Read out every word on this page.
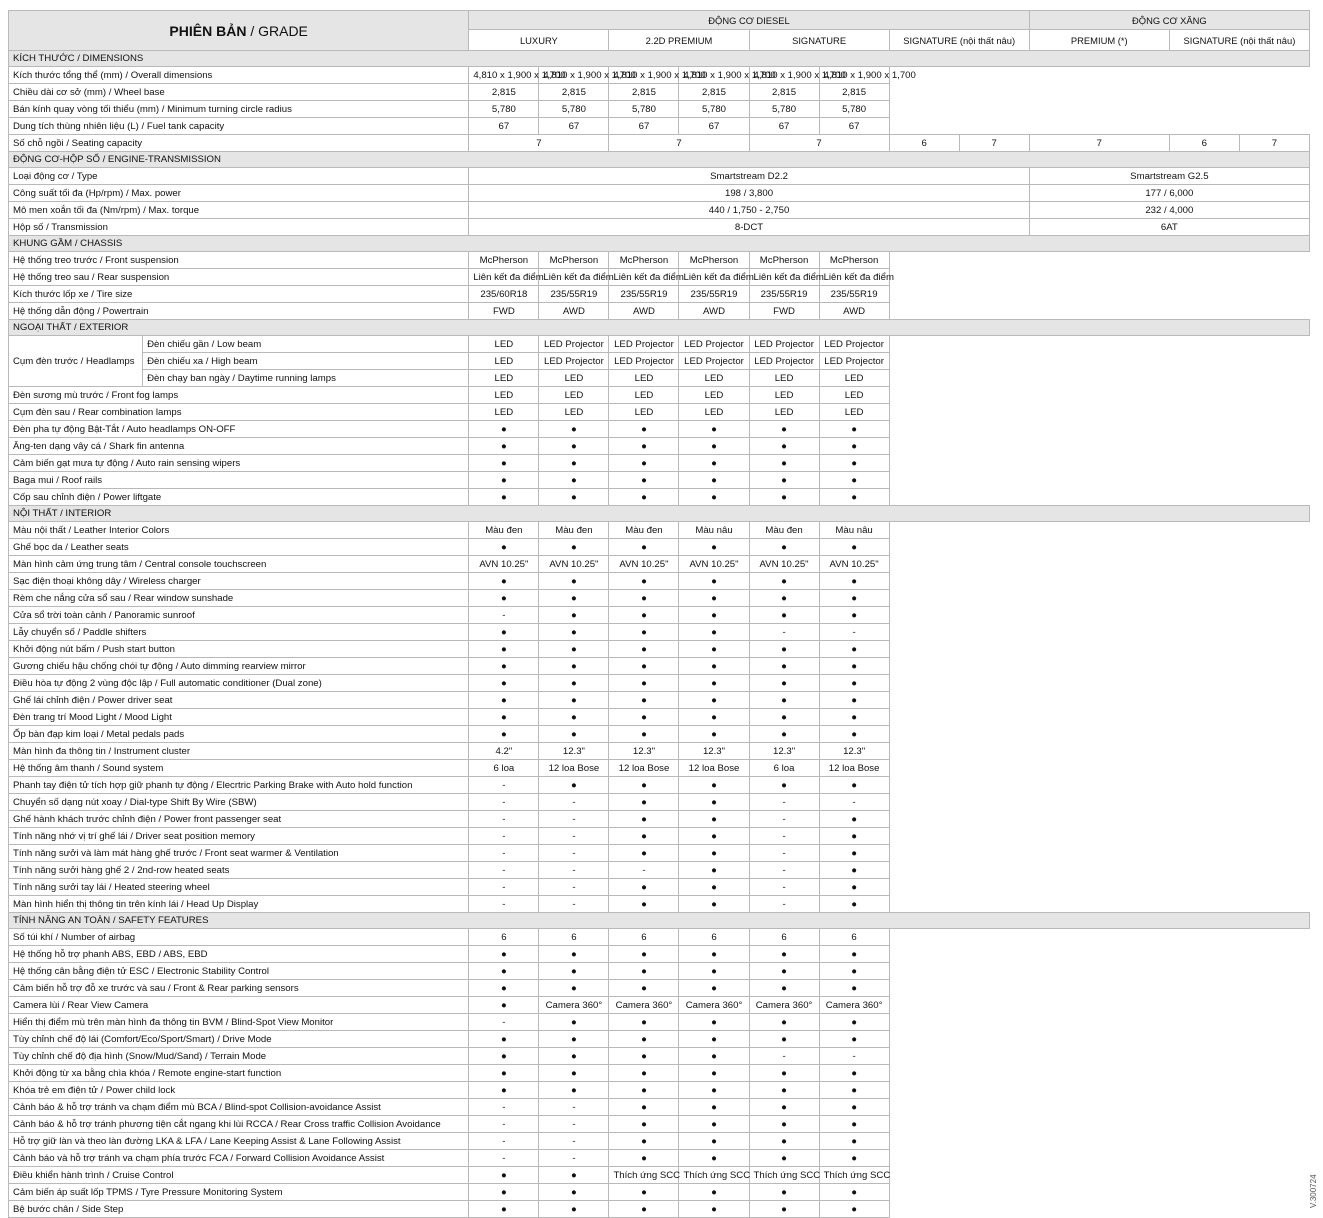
PHIÊN BẢN / GRADE		ĐỘNG CƠ DIESEL								ĐỘNG CƠ XĂNG		
		LUXURY		2.2D PREMIUM		SIGNATURE		SIGNATURE (nội thất nâu)		PREMIUM (*)	SIGNATURE (nội thất nâu)	
KÍCH THƯỚC / DIMENSIONS												
Kích thước tổng thể (mm) / Overall dimensions		4,810 x 1,900 x 1,700	4,810 x 1,900 x 1,700	4,810 x 1,900 x 1,700	4,810 x 1,900 x 1,700	4,810 x 1,900 x 1,700	4,810 x 1,900 x 1,700					
Chiều dài cơ sở (mm) / Wheel base		2,815	2,815	2,815	2,815	2,815	2,815					
Bán kính quay vòng tối thiểu (mm) / Minimum turning circle radius		5,780	5,780	5,780	5,780	5,780	5,780					
Dung tích thùng nhiên liệu (L) / Fuel tank capacity		67	67	67	67	67	67					
Số chỗ ngồi / Seating capacity		7		7		7		6	7	7	6	7
ĐỘNG CƠ-HỘP SỐ / ENGINE-TRANSMISSION												
Loại động cơ / Type		Smartstream D2.2								Smartstream G2.5		
Công suất tối đa (Hp/rpm) / Max. power		198 / 3,800								177 / 6,000		
Mô men xoắn tối đa (Nm/rpm) / Max. torque		440 / 1,750 - 2,750								232 / 4,000		
Hộp số / Transmission		8-DCT								6AT		
KHUNG GẦM / CHASSIS												
Hệ thống treo trước / Front suspension		McPherson	McPherson	McPherson	McPherson	McPherson	McPherson					
Hệ thống treo sau / Rear suspension		Liên kết đa điểm	Liên kết đa điểm	Liên kết đa điểm	Liên kết đa điểm	Liên kết đa điểm	Liên kết đa điểm					
Kích thước lốp xe / Tire size		235/60R18	235/55R19	235/55R19	235/55R19	235/55R19	235/55R19					
Hệ thống dẫn động / Powertrain		FWD	AWD	AWD	AWD	FWD	AWD					
NGOẠI THẤT / EXTERIOR												
Cụm đèn trước / Headlamps	Đèn chiếu gần / Low beam	LED	LED Projector	LED Projector	LED Projector	LED Projector	LED Projector					
	Đèn chiếu xa / High beam	LED	LED Projector	LED Projector	LED Projector	LED Projector	LED Projector					
	Đèn chạy ban ngày / Daytime running lamps	LED	LED	LED	LED	LED	LED					
Đèn sương mù trước / Front fog lamps		LED	LED	LED	LED	LED	LED					
Cụm đèn sau / Rear combination lamps		LED	LED	LED	LED	LED	LED					
Đèn pha tự động Bật-Tắt / Auto headlamps ON-OFF		●	●	●	●	●	●					
Ăng-ten dạng vây cá / Shark fin antenna		●	●	●	●	●	●					
Cảm biến gạt mưa tự động / Auto rain sensing wipers		●	●	●	●	●	●					
Baga mui / Roof rails		●	●	●	●	●	●					
Cốp sau chỉnh điện / Power liftgate		●	●	●	●	●	●					
NỘI THẤT / INTERIOR												
Màu nội thất / Leather Interior Colors		Màu đen	Màu đen	Màu đen	Màu nâu	Màu đen	Màu nâu					
Ghế bọc da / Leather seats		●	●	●	●	●	●					
Màn hình cảm ứng trung tâm / Central console touchscreen		AVN 10.25"	AVN 10.25"	AVN 10.25"	AVN 10.25"	AVN 10.25"	AVN 10.25"					
Sạc điện thoại không dây / Wireless charger		●	●	●	●	●	●					
Rèm che nắng cửa sổ sau / Rear window sunshade		●	●	●	●	●	●					
Cửa sổ trời toàn cảnh / Panoramic sunroof		-	●	●	●	●	●					
Lẫy chuyển số / Paddle shifters		●	●	●	●	-	-					
Khởi động nút bấm / Push start button		●	●	●	●	●	●					
Gương chiếu hậu chống chói tự động / Auto dimming rearview mirror		●	●	●	●	●	●					
Điều hòa tự động 2 vùng độc lập / Full automatic conditioner (Dual zone)		●	●	●	●	●	●					
Ghế lái chỉnh điện / Power driver seat		●	●	●	●	●	●					
Đèn trang trí Mood Light / Mood Light		●	●	●	●	●	●					
Ốp bàn đạp kim loại / Metal pedals pads		●	●	●	●	●	●					
Màn hình đa thông tin / Instrument cluster		4.2"	12.3"	12.3"	12.3"	12.3"	12.3"					
Hệ thống âm thanh / Sound system		6 loa	12 loa Bose	12 loa Bose	12 loa Bose	6 loa	12 loa Bose					
Phanh tay điện tử tích hợp giữ phanh tự động / Elecrtric Parking Brake with Auto hold function		-	●	●	●	●	●					
Chuyển số dạng nút xoay / Dial-type Shift By Wire (SBW)		-	-	●	●	-	-					
Ghế hành khách trước chỉnh điện / Power front passenger seat		-	-	●	●	-	●					
Tính năng nhớ vị trí ghế lái / Driver seat position memory		-	-	●	●	-	●					
Tính năng sưởi và làm mát hàng ghế trước / Front seat warmer & Ventilation		-	-	●	●	-	●					
Tính năng sưởi hàng ghế 2 / 2nd-row heated seats		-	-	-	●	-	●					
Tính năng sưởi tay lái / Heated steering wheel		-	-	●	●	-	●					
Màn hình hiển thị thông tin trên kính lái / Head Up Display		-	-	●	●	-	●					
TÍNH NĂNG AN TOÀN / SAFETY FEATURES												
Số túi khí / Number of airbag		6	6	6	6	6	6					
Hệ thống hỗ trợ phanh ABS, EBD / ABS, EBD		●	●	●	●	●	●					
Hệ thống cân bằng điện tử ESC / Electronic Stability Control		●	●	●	●	●	●					
Cảm biến hỗ trợ đỗ xe trước và sau / Front & Rear parking sensors		●	●	●	●	●	●					
Camera lùi / Rear View Camera		●	Camera 360°	Camera 360°	Camera 360°	Camera 360°	Camera 360°					
Hiển thị điểm mù trên màn hình đa thông tin BVM / Blind-Spot View Monitor		-	●	●	●	●	●					
Tùy chỉnh chế độ lái (Comfort/Eco/Sport/Smart) / Drive Mode		●	●	●	●	●	●					
Tùy chỉnh chế độ địa hình (Snow/Mud/Sand) / Terrain Mode		●	●	●	●	-	-					
Khởi động từ xa bằng chìa khóa / Remote engine-start function		●	●	●	●	●	●					
Khóa trẻ em điện tử / Power child lock		●	●	●	●	●	●					
Cảnh báo & hỗ trợ tránh va chạm điểm mù BCA / Blind-spot Collision-avoidance Assist		-	-	●	●	●	●					
Cảnh báo & hỗ trợ tránh phương tiện cắt ngang khi lùi RCCA / Rear Cross traffic Collision Avoidance		-	-	●	●	●	●					
Hỗ trợ giữ làn và theo làn đường LKA & LFA / Lane Keeping Assist & Lane Following Assist		-	-	●	●	●	●					
Cảnh báo và hỗ trợ tránh va chạm phía trước FCA / Forward Collision Avoidance Assist		-	-	●	●	●	●					
Điều khiển hành trình / Cruise Control		●	●	Thích ứng SCC	Thích ứng SCC	Thích ứng SCC	Thích ứng SCC					
Cảm biến áp suất lốp TPMS / Tyre Pressure Monitoring System		●	●	●	●	●	●					
Bệ bước chân / Side Step		●	●	●	●	●	●					
V.300724
